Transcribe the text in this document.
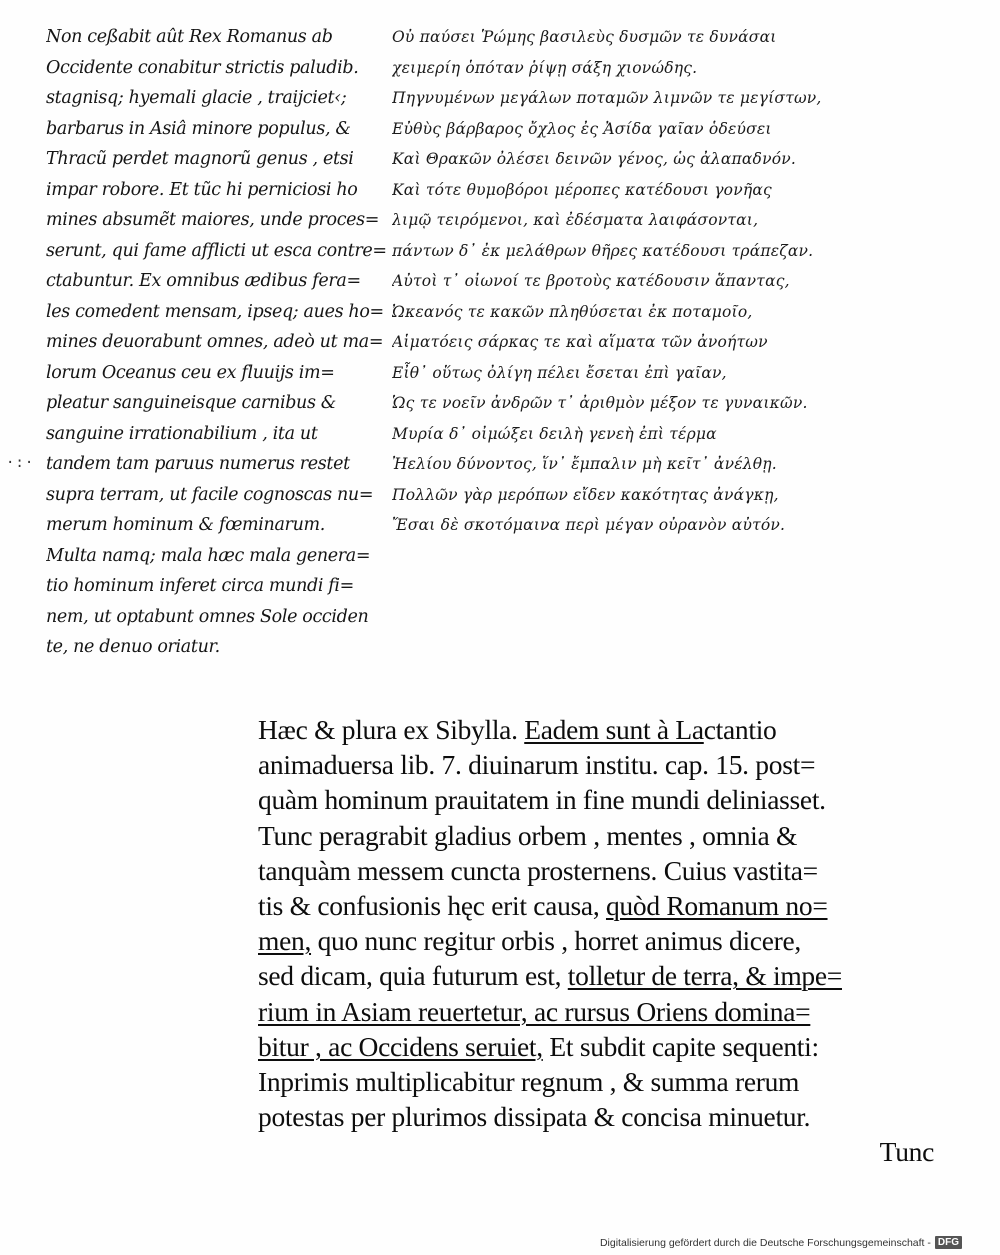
·:·
Non ceßabit aût Rex Romanus ab
Occidente conabitur strictis paludib.
stagnisq; hyemali glacie , traijciet‹;
barbarus in Asiâ minore populus, &
Thracũ perdet magnorũ genus , etsi
impar robore. Et tũc hi perniciosi ho
mines absumẽt maiores, unde proces=
serunt, qui fame afflicti ut esca contre=
ctabuntur. Ex omnibus ædibus fera=
les comedent mensam, ipseq; aues ho=
mines deuorabunt omnes, adeò ut ma=
lorum Oceanus ceu ex fluuijs im=
pleatur sanguineisque carnibus &
sanguine irrationabilium , ita ut
tandem tam paruus numerus restet
supra terram, ut facile cognoscas nu=
merum hominum & fœminarum.
Multa namq; mala hæc mala genera=
tio hominum inferet circa mundi fi=
nem, ut optabunt omnes Sole occiden
te, ne denuo oriatur.
Οὐ παύσει Ῥώμης βασιλεὺς δυσμῶν τε δυνάσαι
χειμερίη ὁπόταν ῥίψῃ σάξη χιονώδης.
Πηγνυμένων μεγάλων ποταμῶν λιμνῶν τε μεγίστων,
Εὐθὺς βάρβαρος ὄχλος ἐς Ἀσίδα γαῖαν ὁδεύσει
Καὶ Θρακῶν ὀλέσει δεινῶν γένος, ὡς ἀλαπαδνόν.
Καὶ τότε θυμοβόροι μέροπες κατέδουσι γονῆας
λιμῷ τειρόμενοι, καὶ ἐδέσματα λαιφάσονται,
πάντων δ᾽ ἐκ μελάθρων θῆρες κατέδουσι τράπεζαν.
Αὐτοὶ τ᾽ οἰωνοί τε βροτοὺς κατέδουσιν ἅπαντας,
Ὠκεανός τε κακῶν πληθύσεται ἐκ ποταμοῖο,
Αἱματόεις σάρκας τε καὶ αἵματα τῶν ἀνοήτων
Εἶθ᾽ οὕτως ὀλίγη πέλει ἔσεται ἐπὶ γαῖαν,
Ὡς τε νοεῖν ἀνδρῶν τ᾽ ἀριθμὸν μέξον τε γυναικῶν.
Μυρία δ᾽ οἰμώξει δειλὴ γενεὴ ἐπὶ τέρμα
Ἠελίου δύνοντος, ἵν᾽ ἔμπαλιν μὴ κεῖτ᾽ ἀνέλθῃ.
Πολλῶν γὰρ μερόπων εἴδεν κακότητας ἀνάγκῃ,
Ἔσαι δὲ σκοτόμαινα περὶ μέγαν οὐρανὸν αὐτόν.
Hæc & plura ex Sibylla. Eadem sunt à Lactantio
animaduersa lib. 7. diuinarum institu. cap. 15. post=
quàm hominum prauitatem in fine mundi deliniasset.
Tunc peragrabit gladius orbem , mentes , omnia &
tanquàm messem cuncta prosternens. Cuius vastita=
tis & confusionis hęc erit causa, quòd Romanum no=
men, quo nunc regitur orbis , horret animus dicere,
sed dicam, quia futurum est, tolletur de terra, & impe=
rium in Asiam reuertetur, ac rursus Oriens domina=
bitur , ac Occidens seruiet, Et subdit capite sequenti:
Inprimis multiplicabitur regnum , & summa rerum
potestas per plurimos dissipata & concisa minuetur.
Tunc
Digitalisierung gefördert durch die Deutsche Forschungsgemeinschaft - DFG
